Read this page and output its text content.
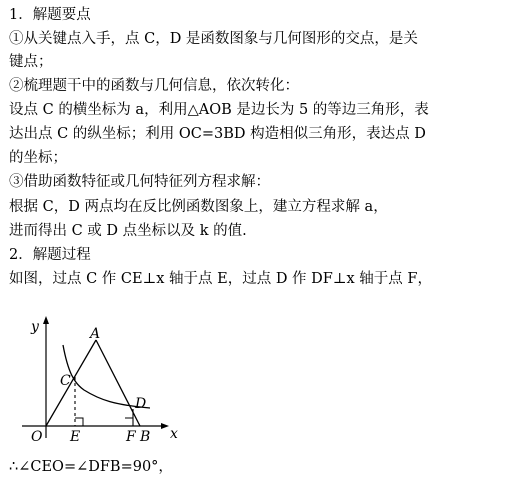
1．解题要点
①从关键点入手，点 C，D 是函数图象与几何图形的交点，是关
键点；
②梳理题干中的函数与几何信息，依次转化：
设点 C 的横坐标为 a，利用△AOB 是边长为 5 的等边三角形，表
达出点 C 的纵坐标；利用 OC=3BD 构造相似三角形，表达点 D
的坐标；
③借助函数特征或几何特征列方程求解：
根据 C，D 两点均在反比例函数图象上，建立方程求解 a，
进而得出 C 或 D 点坐标以及 k 的值.
2．解题过程
如图，过点 C 作 CE⊥x 轴于点 E，过点 D 作 DF⊥x 轴于点 F，
y
x
O
A
C
D
E	F B
∴∠CEO=∠DFB=90°，
